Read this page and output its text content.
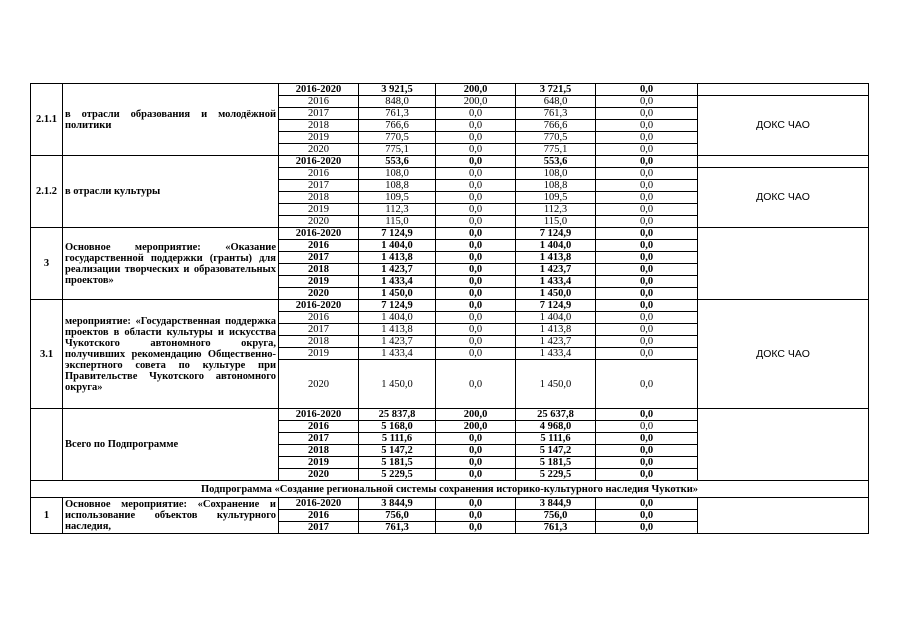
2.1.1	в отрасли образования и молодёжной политики	2016-2020	3 921,5	200,0	3 721,5	0,0	
		2016	848,0	200,0	648,0	0,0	ДОКС ЧАО
		2017	761,3	0,0	761,3	0,0	
		2018	766,6	0,0	766,6	0,0	
		2019	770,5	0,0	770,5	0,0	
		2020	775,1	0,0	775,1	0,0	
2.1.2	в отрасли культуры	2016-2020	553,6	0,0	553,6	0,0	
		2016	108,0	0,0	108,0	0,0	ДОКС ЧАО
		2017	108,8	0,0	108,8	0,0	
		2018	109,5	0,0	109,5	0,0	
		2019	112,3	0,0	112,3	0,0	
		2020	115,0	0,0	115,0	0,0	
3	Основное мероприятие: «Оказание государственной поддержки (гранты) для реализации творческих и образовательных проектов»	2016-2020	7 124,9	0,0	7 124,9	0,0	
		2016	1 404,0	0,0	1 404,0	0,0	
		2017	1 413,8	0,0	1 413,8	0,0	
		2018	1 423,7	0,0	1 423,7	0,0	
		2019	1 433,4	0,0	1 433,4	0,0	
		2020	1 450,0	0,0	1 450,0	0,0	
3.1	мероприятие: «Государственная поддержка проектов в области культуры и искусства Чукотского автономного округа, получивших рекомендацию Общественно-экспертного совета по культуре при Правительстве Чукотского автономного округа»	2016-2020	7 124,9	0,0	7 124,9	0,0	ДОКС ЧАО
		2016	1 404,0	0,0	1 404,0	0,0	
		2017	1 413,8	0,0	1 413,8	0,0	
		2018	1 423,7	0,0	1 423,7	0,0	
		2019	1 433,4	0,0	1 433,4	0,0	
		2020	1 450,0	0,0	1 450,0	0,0	
	Всего по Подпрограмме	2016-2020	25 837,8	200,0	25 637,8	0,0	
		2016	5 168,0	200,0	4 968,0	0,0	
		2017	5 111,6	0,0	5 111,6	0,0	
		2018	5 147,2	0,0	5 147,2	0,0	
		2019	5 181,5	0,0	5 181,5	0,0	
		2020	5 229,5	0,0	5 229,5	0,0	
Подпрограмма «Создание региональной системы сохранения историко-культурного наследия Чукотки»							
1	Основное мероприятие: «Сохранение и использование объектов культурного наследия,	2016-2020	3 844,9	0,0	3 844,9	0,0	
		2016	756,0	0,0	756,0	0,0	
		2017	761,3	0,0	761,3	0,0	
